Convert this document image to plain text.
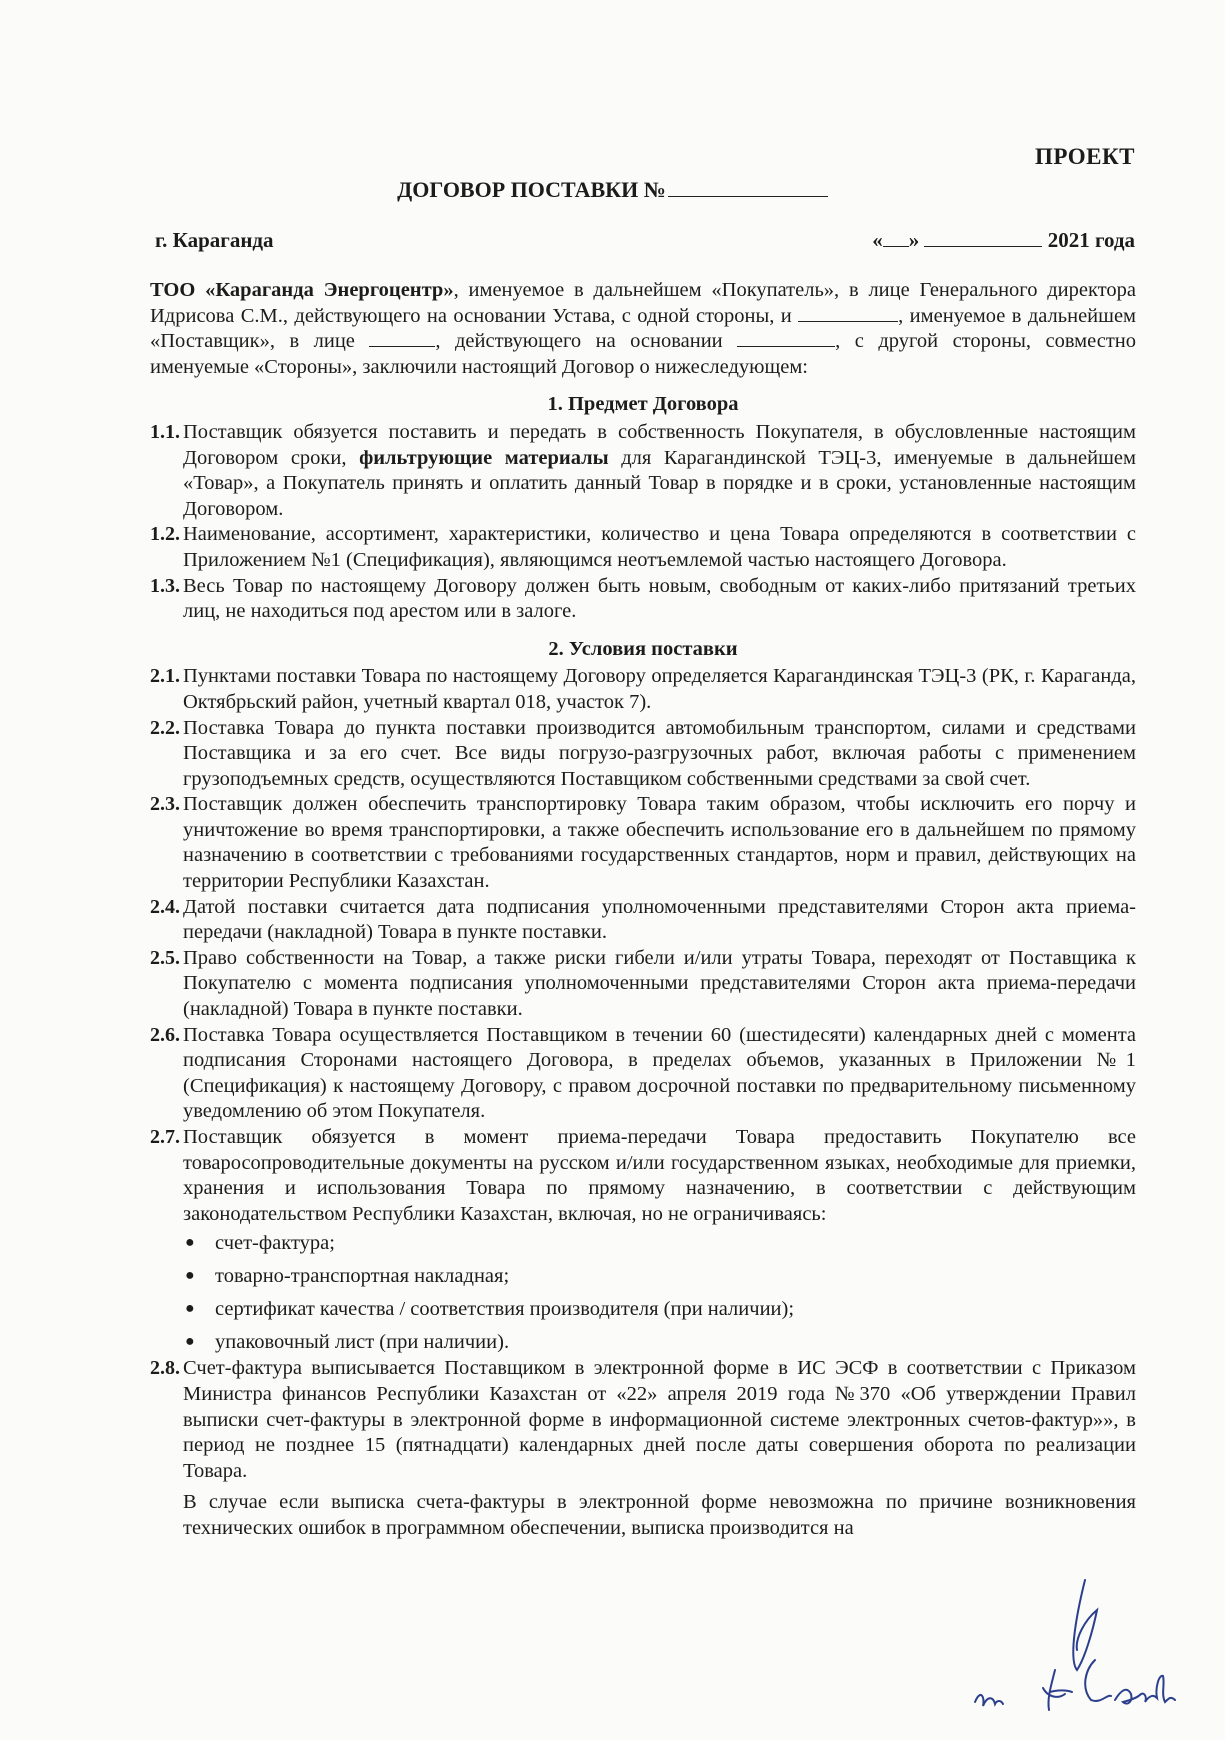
ПРОЕКТ
ДОГОВОР ПОСТАВКИ №
г. Караганда	« »	2021 года
ТОО «Караганда Энергоцентр», именуемое в дальнейшем «Покупатель», в лице Генерального директора Идрисова С.М., действующего на основании Устава, с одной стороны, и	, именуемое в дальнейшем «Поставщик», в лице	, действующего на основании	, с другой стороны, совместно именуемые «Стороны», заключили настоящий Договор о нижеследующем:
1. Предмет Договора
1.1. Поставщик обязуется поставить и передать в собственность Покупателя, в обусловленные настоящим Договором сроки, фильтрующие материалы для Карагандинской ТЭЦ-3, именуемые в дальнейшем «Товар», а Покупатель принять и оплатить данный Товар в порядке и в сроки, установленные настоящим Договором.
1.2. Наименование, ассортимент, характеристики, количество и цена Товара определяются в соответствии с Приложением №1 (Спецификация), являющимся неотъемлемой частью настоящего Договора.
1.3. Весь Товар по настоящему Договору должен быть новым, свободным от каких-либо притязаний третьих лиц, не находиться под арестом или в залоге.
2. Условия поставки
2.1. Пунктами поставки Товара по настоящему Договору определяется Карагандинская ТЭЦ-3 (РК, г. Караганда, Октябрьский район, учетный квартал 018, участок 7).
2.2. Поставка Товара до пункта поставки производится автомобильным транспортом, силами и средствами Поставщика и за его счет. Все виды погрузо-разгрузочных работ, включая работы с применением грузоподъемных средств, осуществляются Поставщиком собственными средствами за свой счет.
2.3. Поставщик должен обеспечить транспортировку Товара таким образом, чтобы исключить его порчу и уничтожение во время транспортировки, а также обеспечить использование его в дальнейшем по прямому назначению в соответствии с требованиями государственных стандартов, норм и правил, действующих на территории Республики Казахстан.
2.4. Датой поставки считается дата подписания уполномоченными представителями Сторон акта приема-передачи (накладной) Товара в пункте поставки.
2.5. Право собственности на Товар, а также риски гибели и/или утраты Товара, переходят от Поставщика к Покупателю с момента подписания уполномоченными представителями Сторон акта приема-передачи (накладной) Товара в пункте поставки.
2.6. Поставка Товара осуществляется Поставщиком в течении 60 (шестидесяти) календарных дней с момента подписания Сторонами настоящего Договора, в пределах объемов, указанных в Приложении №1 (Спецификация) к настоящему Договору, с правом досрочной поставки по предварительному письменному уведомлению об этом Покупателя.
2.7. Поставщик обязуется в момент приема-передачи Товара предоставить Покупателю все товаросопроводительные документы на русском и/или государственном языках, необходимые для приемки, хранения и использования Товара по прямому назначению, в соответствии с действующим законодательством Республики Казахстан, включая, но не ограничиваясь:
● счет-фактура;
● товарно-транспортная накладная;
● сертификат качества / соответствия производителя (при наличии);
● упаковочный лист (при наличии).
2.8. Счет-фактура выписывается Поставщиком в электронной форме в ИС ЭСФ в соответствии с Приказом Министра финансов Республики Казахстан от «22» апреля 2019 года №370 «Об утверждении Правил выписки счет-фактуры в электронной форме в информационной системе электронных счетов-фактур»», в период не позднее 15 (пятнадцати) календарных дней после даты совершения оборота по реализации Товара.
В случае если выписка счета-фактуры в электронной форме невозможна по причине возникновения технических ошибок в программном обеспечении, выписка производится на
